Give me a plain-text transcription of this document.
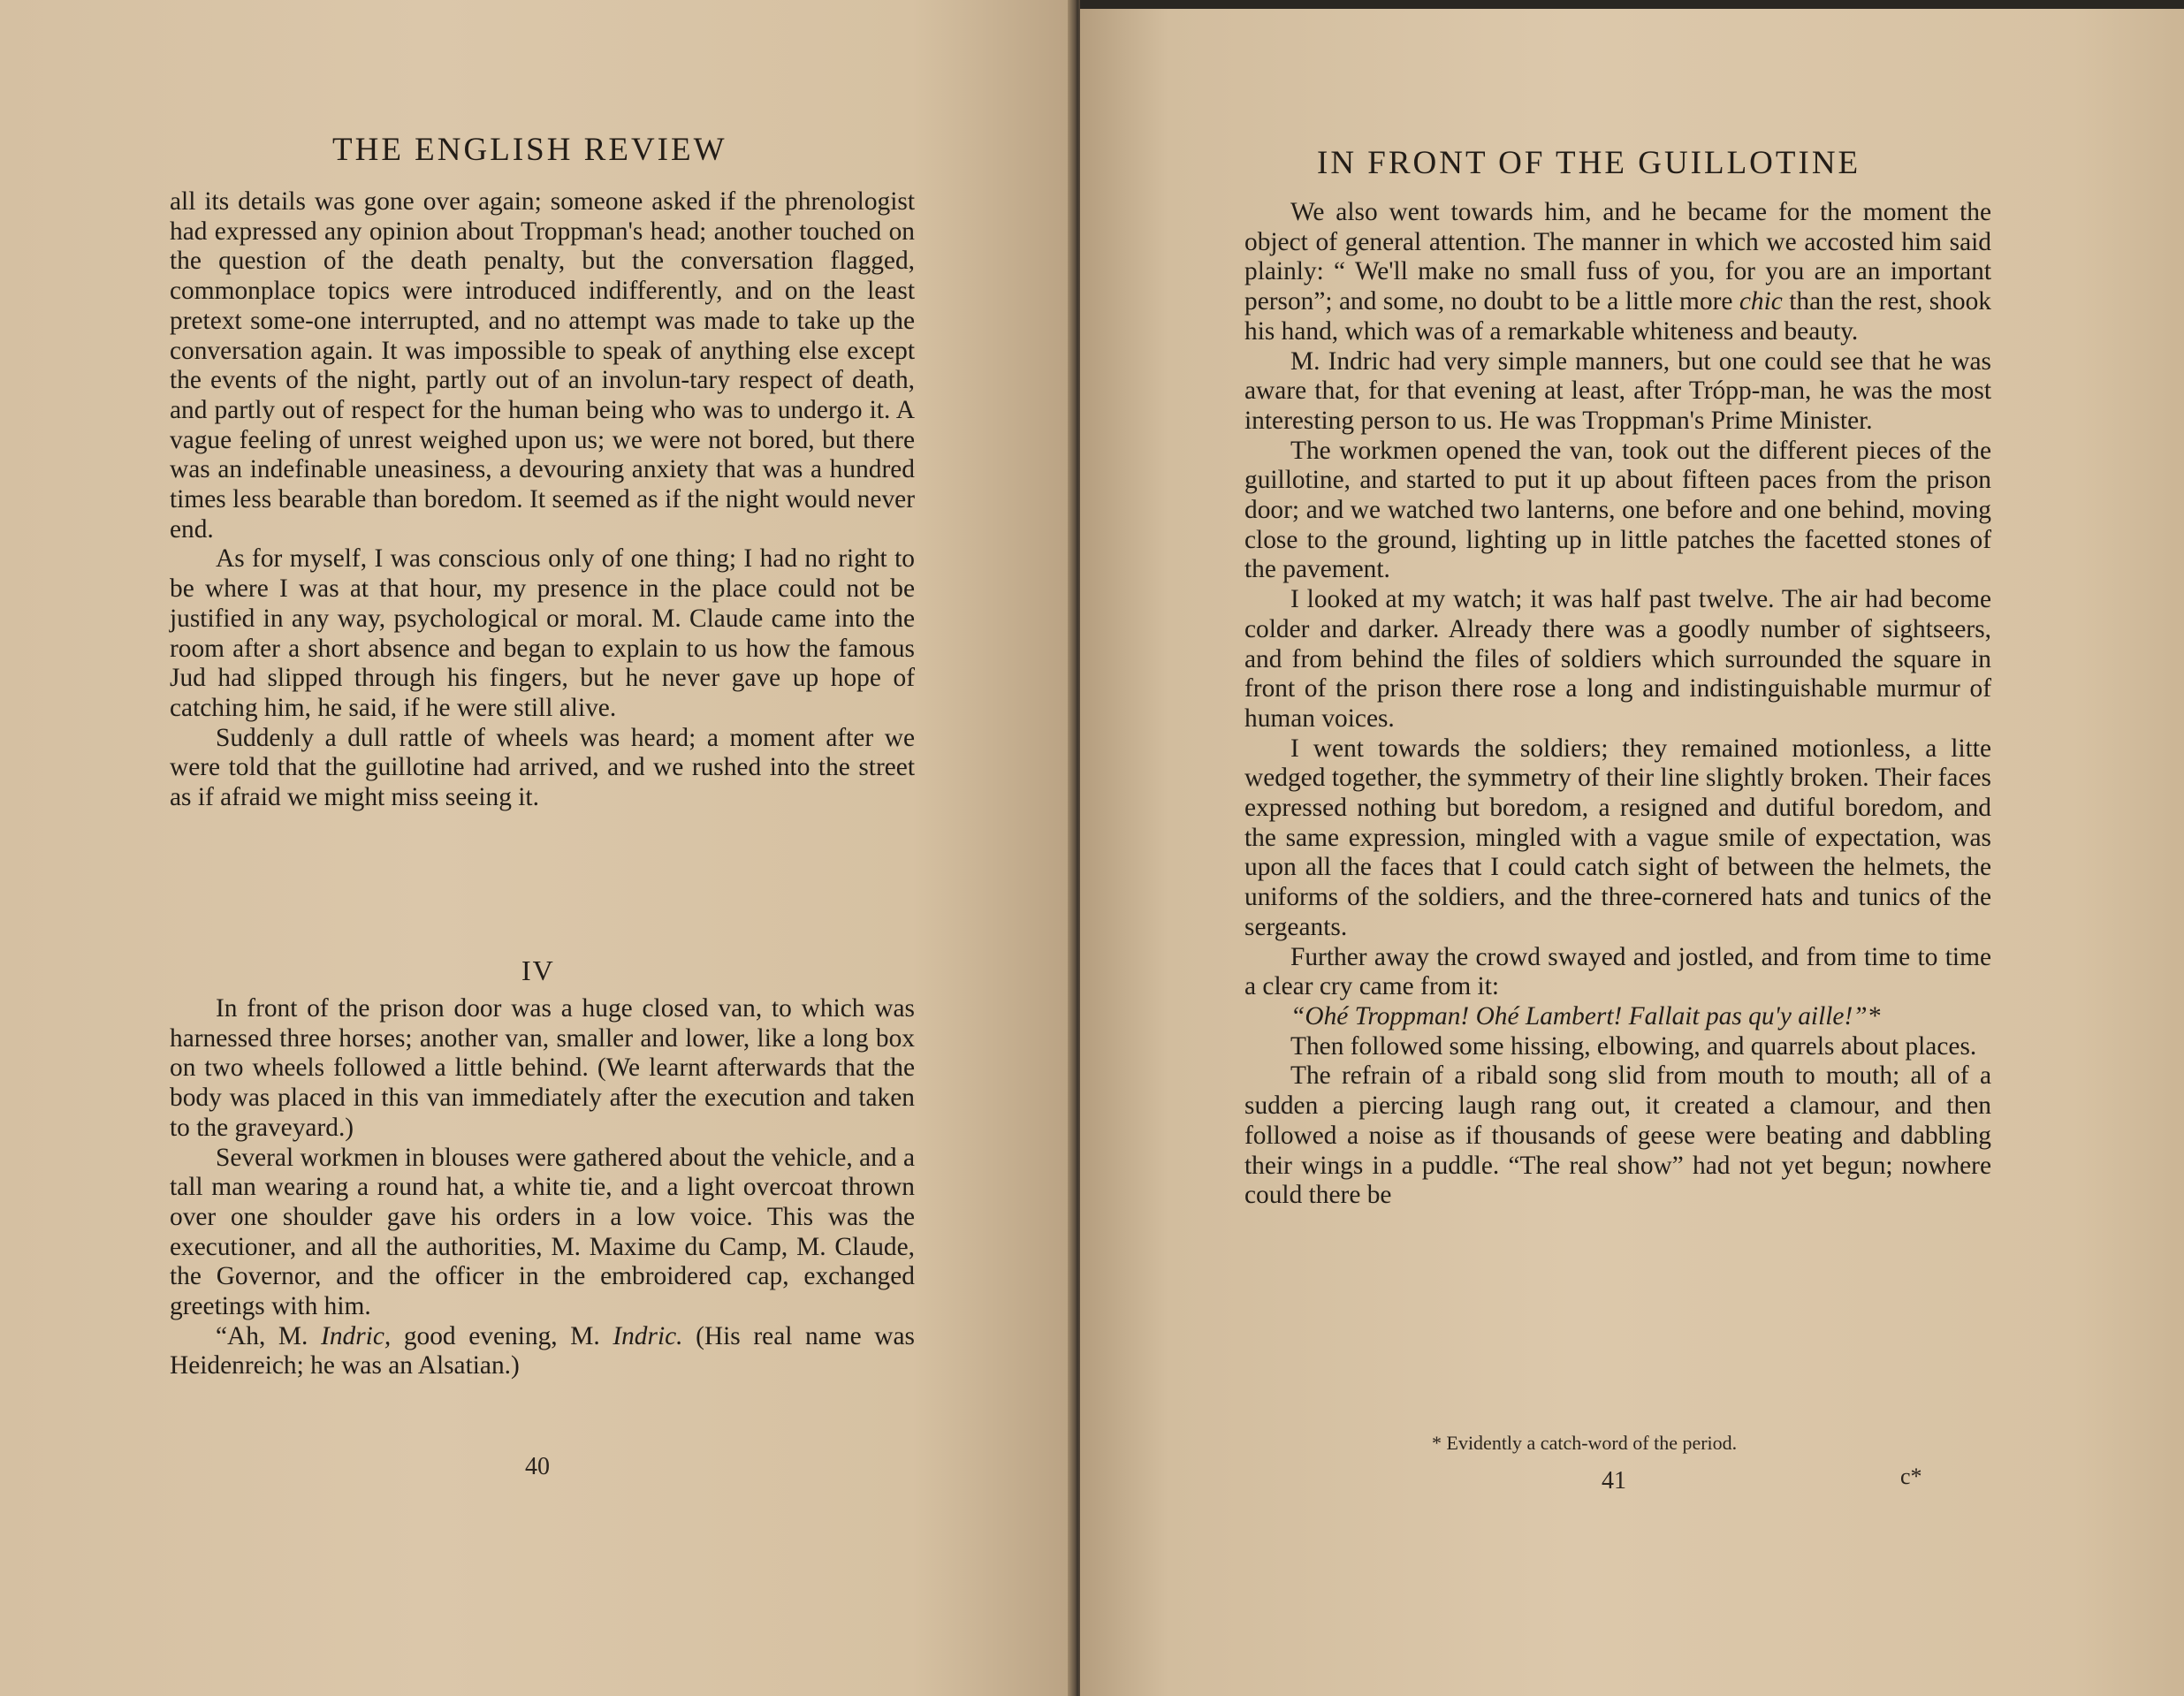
THE ENGLISH REVIEW

all its details was gone over again; someone asked if the phrenologist had expressed any opinion about Troppman's head; another touched on the question of the death penalty, but the conversation flagged, commonplace topics were introduced indifferently, and on the least pretext some-one interrupted, and no attempt was made to take up the conversation again. It was impossible to speak of anything else except the events of the night, partly out of an involun-tary respect of death, and partly out of respect for the human being who was to undergo it. A vague feeling of unrest weighed upon us; we were not bored, but there was an indefinable uneasiness, a devouring anxiety that was a hundred times less bearable than boredom. It seemed as if the night would never end.

As for myself, I was conscious only of one thing; I had no right to be where I was at that hour, my presence in the place could not be justified in any way, psychological or moral. M. Claude came into the room after a short absence and began to explain to us how the famous Jud had slipped through his fingers, but he never gave up hope of catching him, he said, if he were still alive.

Suddenly a dull rattle of wheels was heard; a moment after we were told that the guillotine had arrived, and we rushed into the street as if afraid we might miss seeing it.

IV

In front of the prison door was a huge closed van, to which was harnessed three horses; another van, smaller and lower, like a long box on two wheels followed a little behind. (We learnt afterwards that the body was placed in this van immediately after the execution and taken to the graveyard.)

Several workmen in blouses were gathered about the vehicle, and a tall man wearing a round hat, a white tie, and a light overcoat thrown over one shoulder gave his orders in a low voice. This was the executioner, and all the authorities, M. Maxime du Camp, M. Claude, the Governor, and the officer in the embroidered cap, exchanged greetings with him.

“Ah, M. Indric, good evening, M. Indric. (His real name was Heidenreich; he was an Alsatian.)

40
IN FRONT OF THE GUILLOTINE

We also went towards him, and he became for the moment the object of general attention. The manner in which we accosted him said plainly: “ We'll make no small fuss of you, for you are an important person”; and some, no doubt to be a little more chic than the rest, shook his hand, which was of a remarkable whiteness and beauty.

M. Indric had very simple manners, but one could see that he was aware that, for that evening at least, after Trópp-man, he was the most interesting person to us. He was Troppman's Prime Minister.

The workmen opened the van, took out the different pieces of the guillotine, and started to put it up about fifteen paces from the prison door; and we watched two lanterns, one before and one behind, moving close to the ground, lighting up in little patches the facetted stones of the pavement.

I looked at my watch; it was half past twelve. The air had become colder and darker. Already there was a goodly number of sightseers, and from behind the files of soldiers which surrounded the square in front of the prison there rose a long and indistinguishable murmur of human voices.

I went towards the soldiers; they remained motionless, a litte wedged together, the symmetry of their line slightly broken. Their faces expressed nothing but boredom, a resigned and dutiful boredom, and the same expression, mingled with a vague smile of expectation, was upon all the faces that I could catch sight of between the helmets, the uniforms of the soldiers, and the three-cornered hats and tunics of the sergeants.

Further away the crowd swayed and jostled, and from time to time a clear cry came from it:

“Ohé Troppman! Ohé Lambert! Fallait pas qu'y aille!”*

Then followed some hissing, elbowing, and quarrels about places.

The refrain of a ribald song slid from mouth to mouth; all of a sudden a piercing laugh rang out, it created a clamour, and then followed a noise as if thousands of geese were beating and dabbling their wings in a puddle. “The real show” had not yet begun; nowhere could there be

* Evidently a catch-word of the period.
41	c*
